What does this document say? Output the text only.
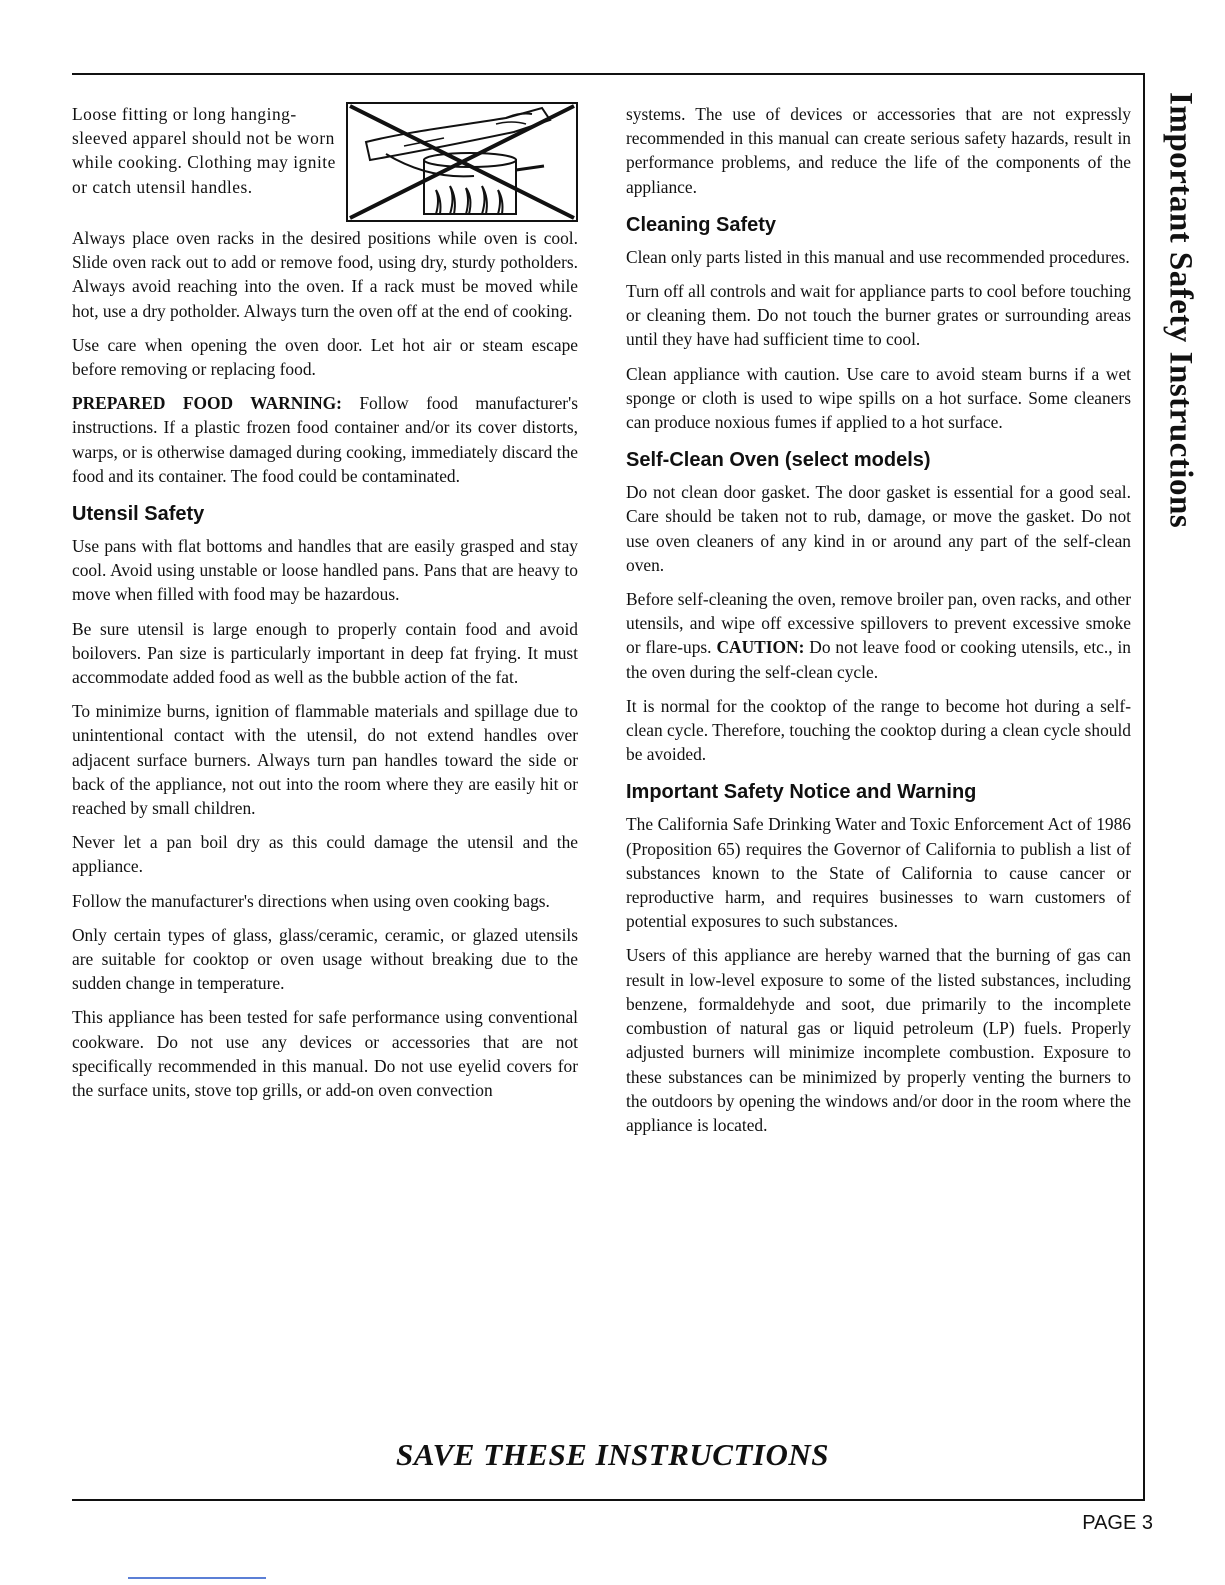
Important Safety Instructions

Loose fitting or long hanging-sleeved apparel should not be worn while cooking. Clothing may ignite or catch utensil handles.

Always place oven racks in the desired positions while oven is cool. Slide oven rack out to add or remove food, using dry, sturdy potholders. Always avoid reaching into the oven. If a rack must be moved while hot, use a dry potholder. Always turn the oven off at the end of cooking.

Use care when opening the oven door. Let hot air or steam escape before removing or replacing food.

PREPARED FOOD WARNING: Follow food manufacturer's instructions. If a plastic frozen food container and/or its cover distorts, warps, or is otherwise damaged during cooking, immediately discard the food and its container. The food could be contaminated.

Utensil Safety

Use pans with flat bottoms and handles that are easily grasped and stay cool. Avoid using unstable or loose handled pans. Pans that are heavy to move when filled with food may be hazardous.

Be sure utensil is large enough to properly contain food and avoid boilovers. Pan size is particularly important in deep fat frying. It must accommodate added food as well as the bubble action of the fat.

To minimize burns, ignition of flammable materials and spillage due to unintentional contact with the utensil, do not extend handles over adjacent surface burners. Always turn pan handles toward the side or back of the appliance, not out into the room where they are easily hit or reached by small children.

Never let a pan boil dry as this could damage the utensil and the appliance.

Follow the manufacturer's directions when using oven cooking bags.

Only certain types of glass, glass/ceramic, ceramic, or glazed utensils are suitable for cooktop or oven usage without breaking due to the sudden change in temperature.

This appliance has been tested for safe performance using conventional cookware. Do not use any devices or accessories that are not specifically recommended in this manual. Do not use eyelid covers for the surface units, stove top grills, or add-on oven convection

systems. The use of devices or accessories that are not expressly recommended in this manual can create serious safety hazards, result in performance problems, and reduce the life of the components of the appliance.

Cleaning Safety

Clean only parts listed in this manual and use recommended procedures.

Turn off all controls and wait for appliance parts to cool before touching or cleaning them. Do not touch the burner grates or surrounding areas until they have had sufficient time to cool.

Clean appliance with caution. Use care to avoid steam burns if a wet sponge or cloth is used to wipe spills on a hot surface. Some cleaners can produce noxious fumes if applied to a hot surface.

Self-Clean Oven (select models)

Do not clean door gasket. The door gasket is essential for a good seal. Care should be taken not to rub, damage, or move the gasket. Do not use oven cleaners of any kind in or around any part of the self-clean oven.

Before self-cleaning the oven, remove broiler pan, oven racks, and other utensils, and wipe off excessive spillovers to prevent excessive smoke or flare-ups. CAUTION: Do not leave food or cooking utensils, etc., in the oven during the self-clean cycle.

It is normal for the cooktop of the range to become hot during a self-clean cycle. Therefore, touching the cooktop during a clean cycle should be avoided.

Important Safety Notice and Warning

The California Safe Drinking Water and Toxic Enforcement Act of 1986 (Proposition 65) requires the Governor of California to publish a list of substances known to the State of California to cause cancer or reproductive harm, and requires businesses to warn customers of potential exposures to such substances.

Users of this appliance are hereby warned that the burning of gas can result in low-level exposure to some of the listed substances, including benzene, formaldehyde and soot, due primarily to the incomplete combustion of natural gas or liquid petroleum (LP) fuels. Properly adjusted burners will minimize incomplete combustion. Exposure to these substances can be minimized by properly venting the burners to the outdoors by opening the windows and/or door in the room where the appliance is located.

SAVE THESE INSTRUCTIONS
PAGE 3
